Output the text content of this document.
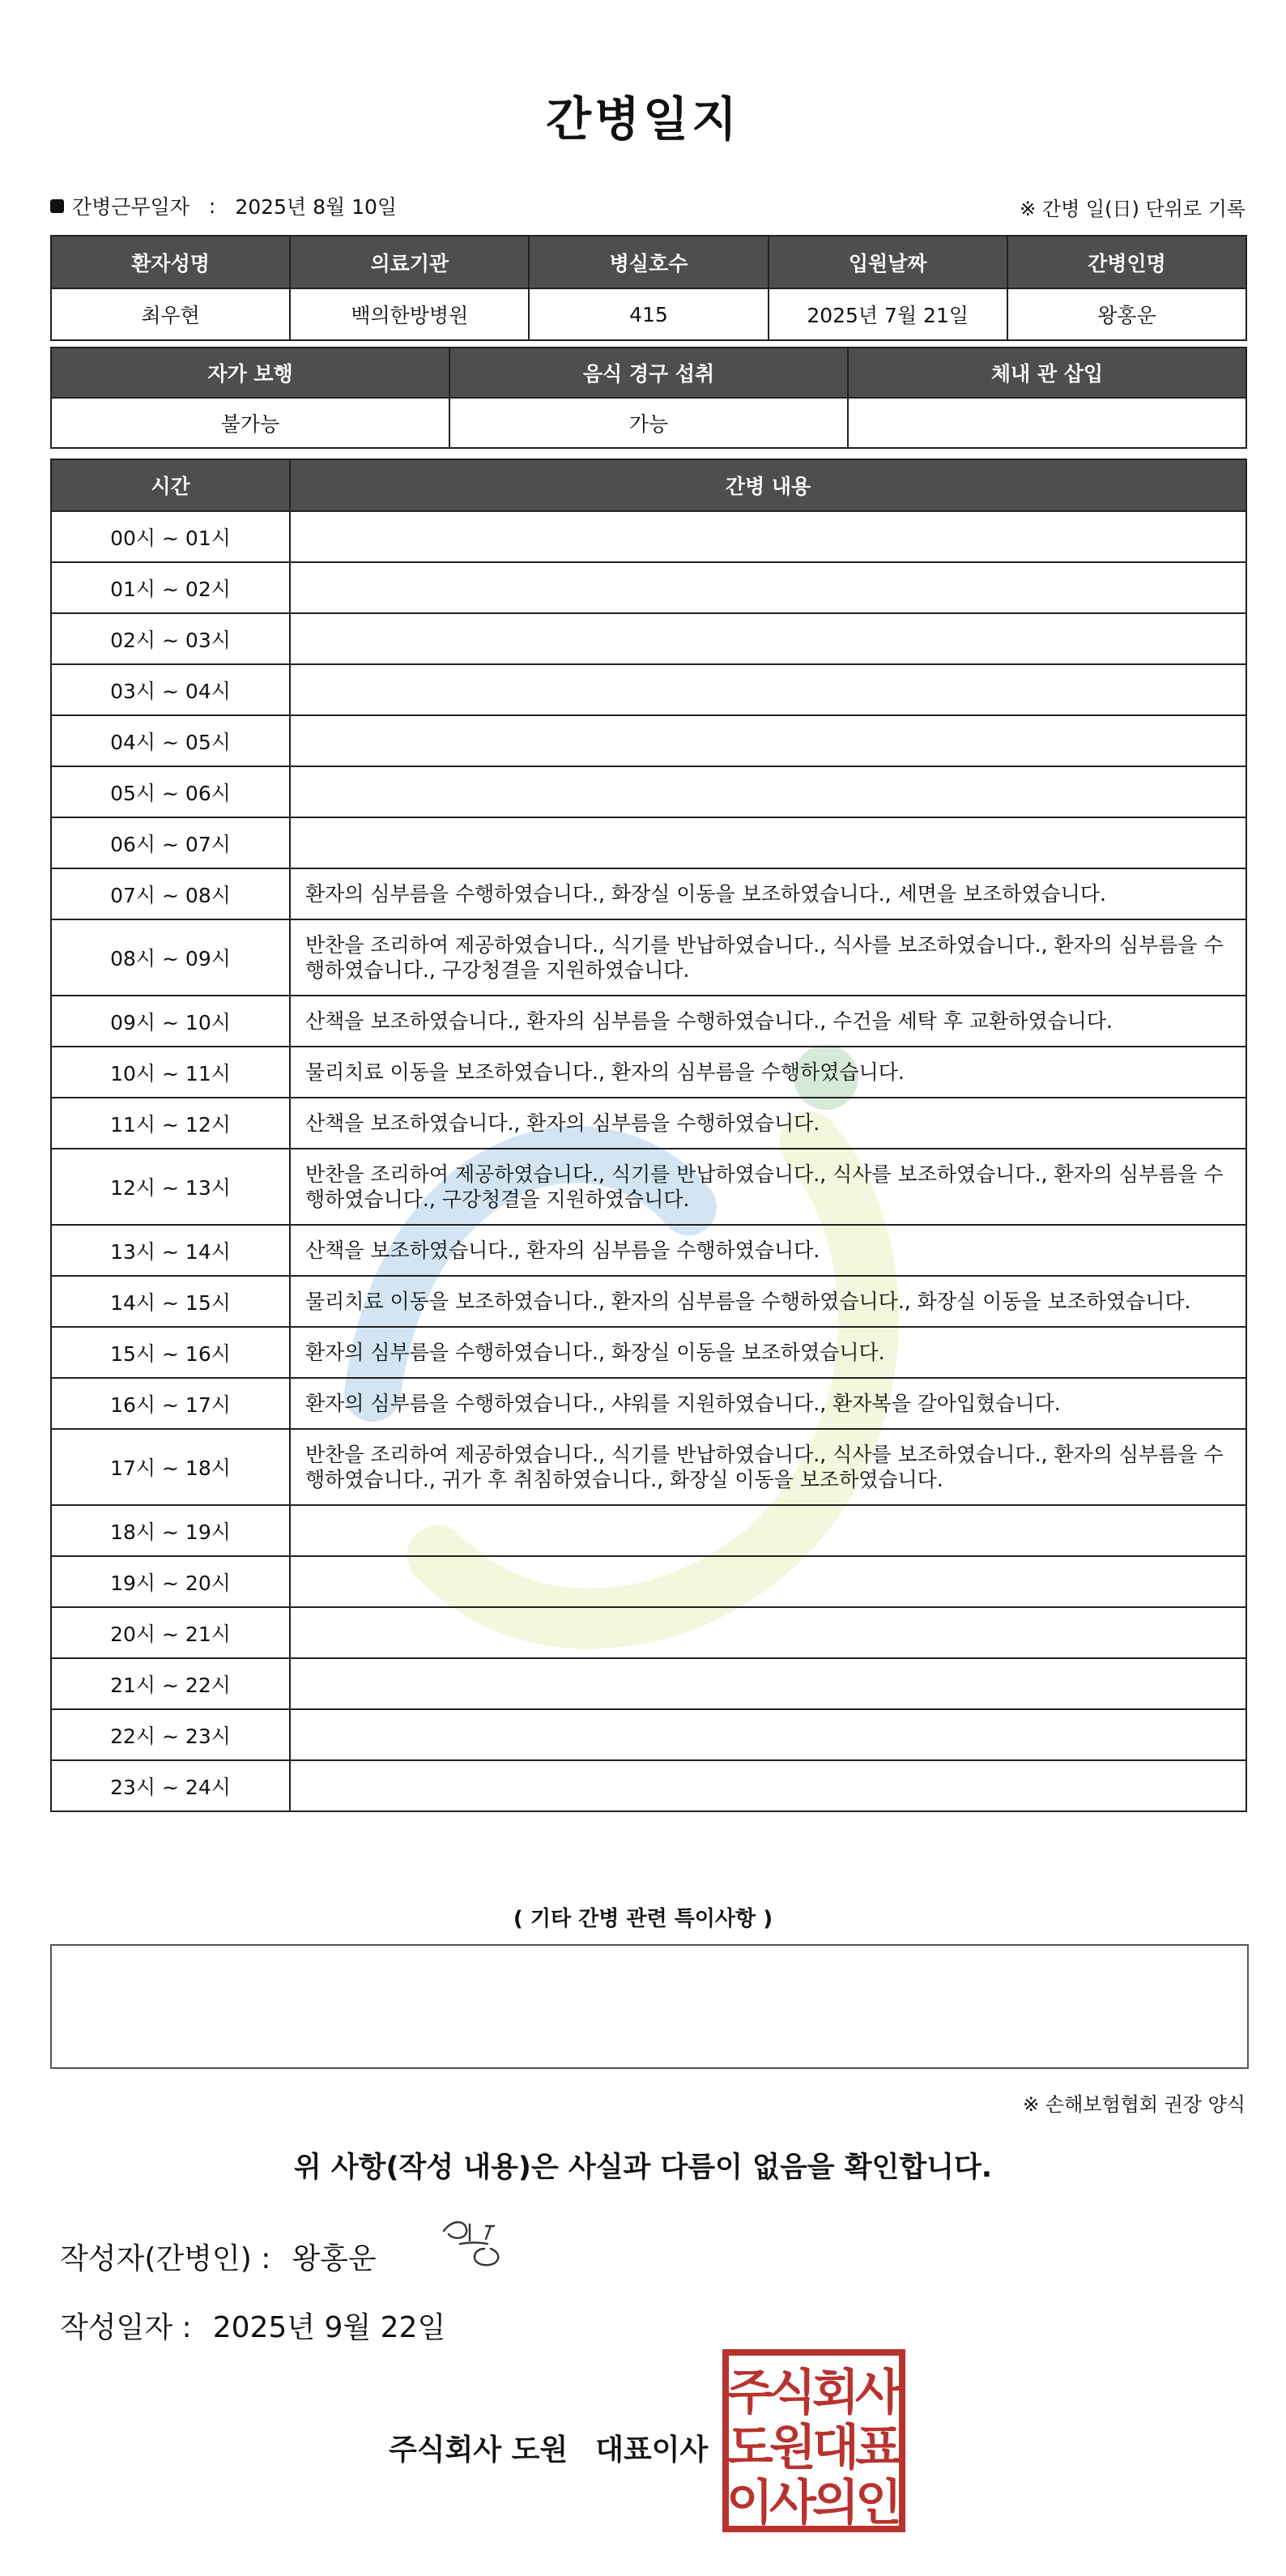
간병일지
간병근무일자 : 2025년 8월 10일	※ 간병 일(日) 단위로 기록
환자성명	의료기관	병실호수	입원날짜	간병인명
최우현	백의한방병원	415	2025년 7월 21일	왕홍운
자가 보행	음식 경구 섭취	체내 관 삽입
불가능	가능	
시간	간병 내용
00시 ~ 01시	
01시 ~ 02시	
02시 ~ 03시	
03시 ~ 04시	
04시 ~ 05시	
05시 ~ 06시	
06시 ~ 07시	
07시 ~ 08시	환자의 심부름을 수행하였습니다., 화장실 이동을 보조하였습니다., 세면을 보조하였습니다.
08시 ~ 09시	반찬을 조리하여 제공하였습니다., 식기를 반납하였습니다., 식사를 보조하였습니다., 환자의 심부름을 수행하였습니다., 구강청결을 지원하였습니다.
09시 ~ 10시	산책을 보조하였습니다., 환자의 심부름을 수행하였습니다., 수건을 세탁 후 교환하였습니다.
10시 ~ 11시	물리치료 이동을 보조하였습니다., 환자의 심부름을 수행하였습니다.
11시 ~ 12시	산책을 보조하였습니다., 환자의 심부름을 수행하였습니다.
12시 ~ 13시	반찬을 조리하여 제공하였습니다., 식기를 반납하였습니다., 식사를 보조하였습니다., 환자의 심부름을 수행하였습니다., 구강청결을 지원하였습니다.
13시 ~ 14시	산책을 보조하였습니다., 환자의 심부름을 수행하였습니다.
14시 ~ 15시	물리치료 이동을 보조하였습니다., 환자의 심부름을 수행하였습니다., 화장실 이동을 보조하였습니다.
15시 ~ 16시	환자의 심부름을 수행하였습니다., 화장실 이동을 보조하였습니다.
16시 ~ 17시	환자의 심부름을 수행하였습니다., 샤워를 지원하였습니다., 환자복을 갈아입혔습니다.
17시 ~ 18시	반찬을 조리하여 제공하였습니다., 식기를 반납하였습니다., 식사를 보조하였습니다., 환자의 심부름을 수행하였습니다., 귀가 후 취침하였습니다., 화장실 이동을 보조하였습니다.
18시 ~ 19시	
19시 ~ 20시	
20시 ~ 21시	
21시 ~ 22시	
22시 ~ 23시	
23시 ~ 24시	
( 기타 간병 관련 특이사항 )
※ 손해보험협회 권장 양식
위 사항(작성 내용)은 사실과 다름이 없음을 확인합니다.
작성자(간병인) : 왕홍운
작성일자 : 2025년 9월 22일
주식회사 도원 대표이사
주
식
회
사
도
원
대
표
이
사
의
인
